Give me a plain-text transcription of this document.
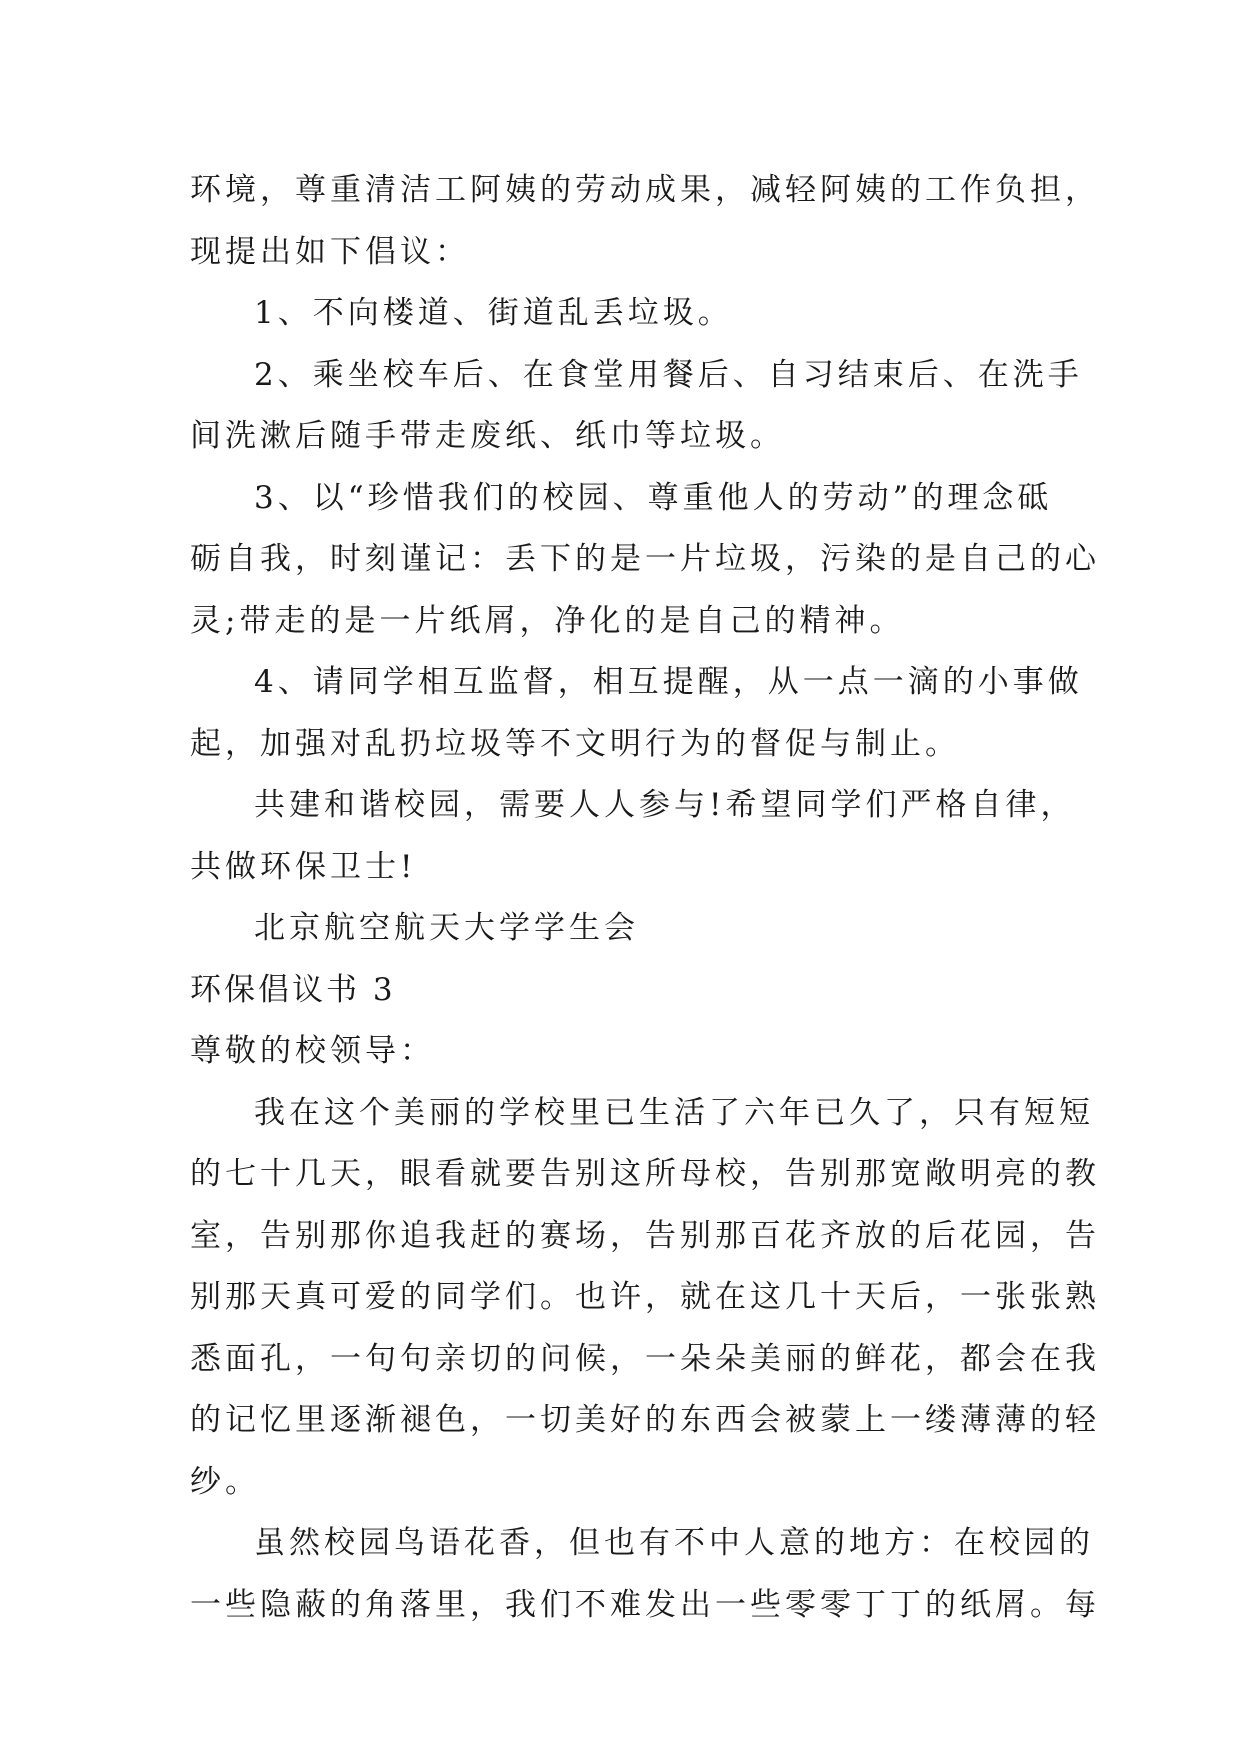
环境，尊重清洁工阿姨的劳动成果，减轻阿姨的工作负担，
现提出如下倡议：
1、不向楼道、街道乱丢垃圾。
2、乘坐校车后、在食堂用餐后、自习结束后、在洗手
间洗漱后随手带走废纸、纸巾等垃圾。
3、以“珍惜我们的校园、尊重他人的劳动”的理念砥
砺自我，时刻谨记：丢下的是一片垃圾，污染的是自己的心
灵;带走的是一片纸屑，净化的是自己的精神。
4、请同学相互监督，相互提醒，从一点一滴的小事做
起，加强对乱扔垃圾等不文明行为的督促与制止。
共建和谐校园，需要人人参与!希望同学们严格自律，
共做环保卫士!
北京航空航天大学学生会
环保倡议书 3
尊敬的校领导：
我在这个美丽的学校里已生活了六年已久了，只有短短
的七十几天，眼看就要告别这所母校，告别那宽敞明亮的教
室，告别那你追我赶的赛场，告别那百花齐放的后花园，告
别那天真可爱的同学们。也许，就在这几十天后，一张张熟
悉面孔，一句句亲切的问候，一朵朵美丽的鲜花，都会在我
的记忆里逐渐褪色，一切美好的东西会被蒙上一缕薄薄的轻
纱。
虽然校园鸟语花香，但也有不中人意的地方：在校园的
一些隐蔽的角落里，我们不难发出一些零零丁丁的纸屑。每
